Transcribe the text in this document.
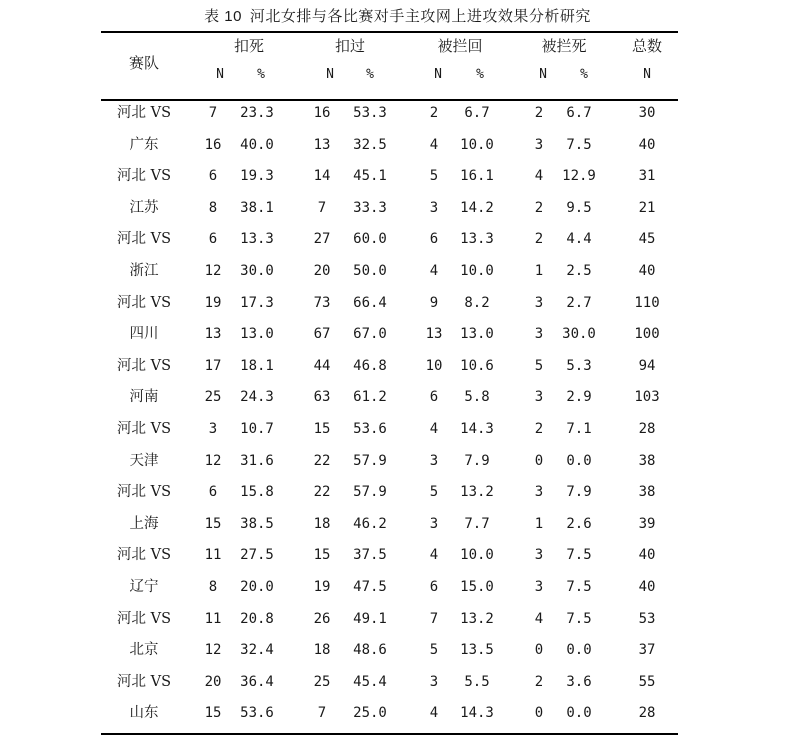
表 10 河北女排与各比赛对手主攻网上进攻效果分析研究
赛队
扣死	扣过	被拦回	被拦死	总数
N	%	N %	N	%	N	%	N
河北 VS	7 23.3	16 53.3	2 6.7	2 6.7	30
广东	16 40.0	13 32.5	4 10.0	3 7.5	40
河北 VS	6 19.3	14 45.1	5 16.1	4 12.9	31
江苏	8 38.1	7 33.3	3 14.2	2 9.5	21
河北 VS	6 13.3	27 60.0	6 13.3	2 4.4	45
浙江	12 30.0	20 50.0	4 10.0	1 2.5	40
河北 VS 19 17.3	73 66.4	9 8.2	3 2.7	110
四川	13 13.0	67 67.0	13 13.0	3 30.0	100
河北 VS 17 18.1	44 46.8	10 10.6	5 5.3	94
河南	25 24.3	63 61.2	6 5.8	3 2.9	103
河北 VS	3 10.7	15 53.6	4 14.3	2 7.1	28
天津	12 31.6	22 57.9	3 7.9	0 0.0	38
河北 VS	6 15.8	22 57.9	5 13.2	3 7.9	38
上海	15 38.5	18 46.2	3 7.7	1 2.6	39
河北 VS 11 27.5	15 37.5	4 10.0	3 7.5	40
辽宁	8 20.0	19 47.5	6 15.0	3 7.5	40
河北 VS 11 20.8	26 49.1	7 13.2	4 7.5	53
北京	12 32.4	18 48.6	5 13.5	0 0.0	37
河北 VS 20 36.4	25 45.4	3 5.5	2 3.6	55
山东	15 53.6	7 25.0	4 14.3	0 0.0	28
